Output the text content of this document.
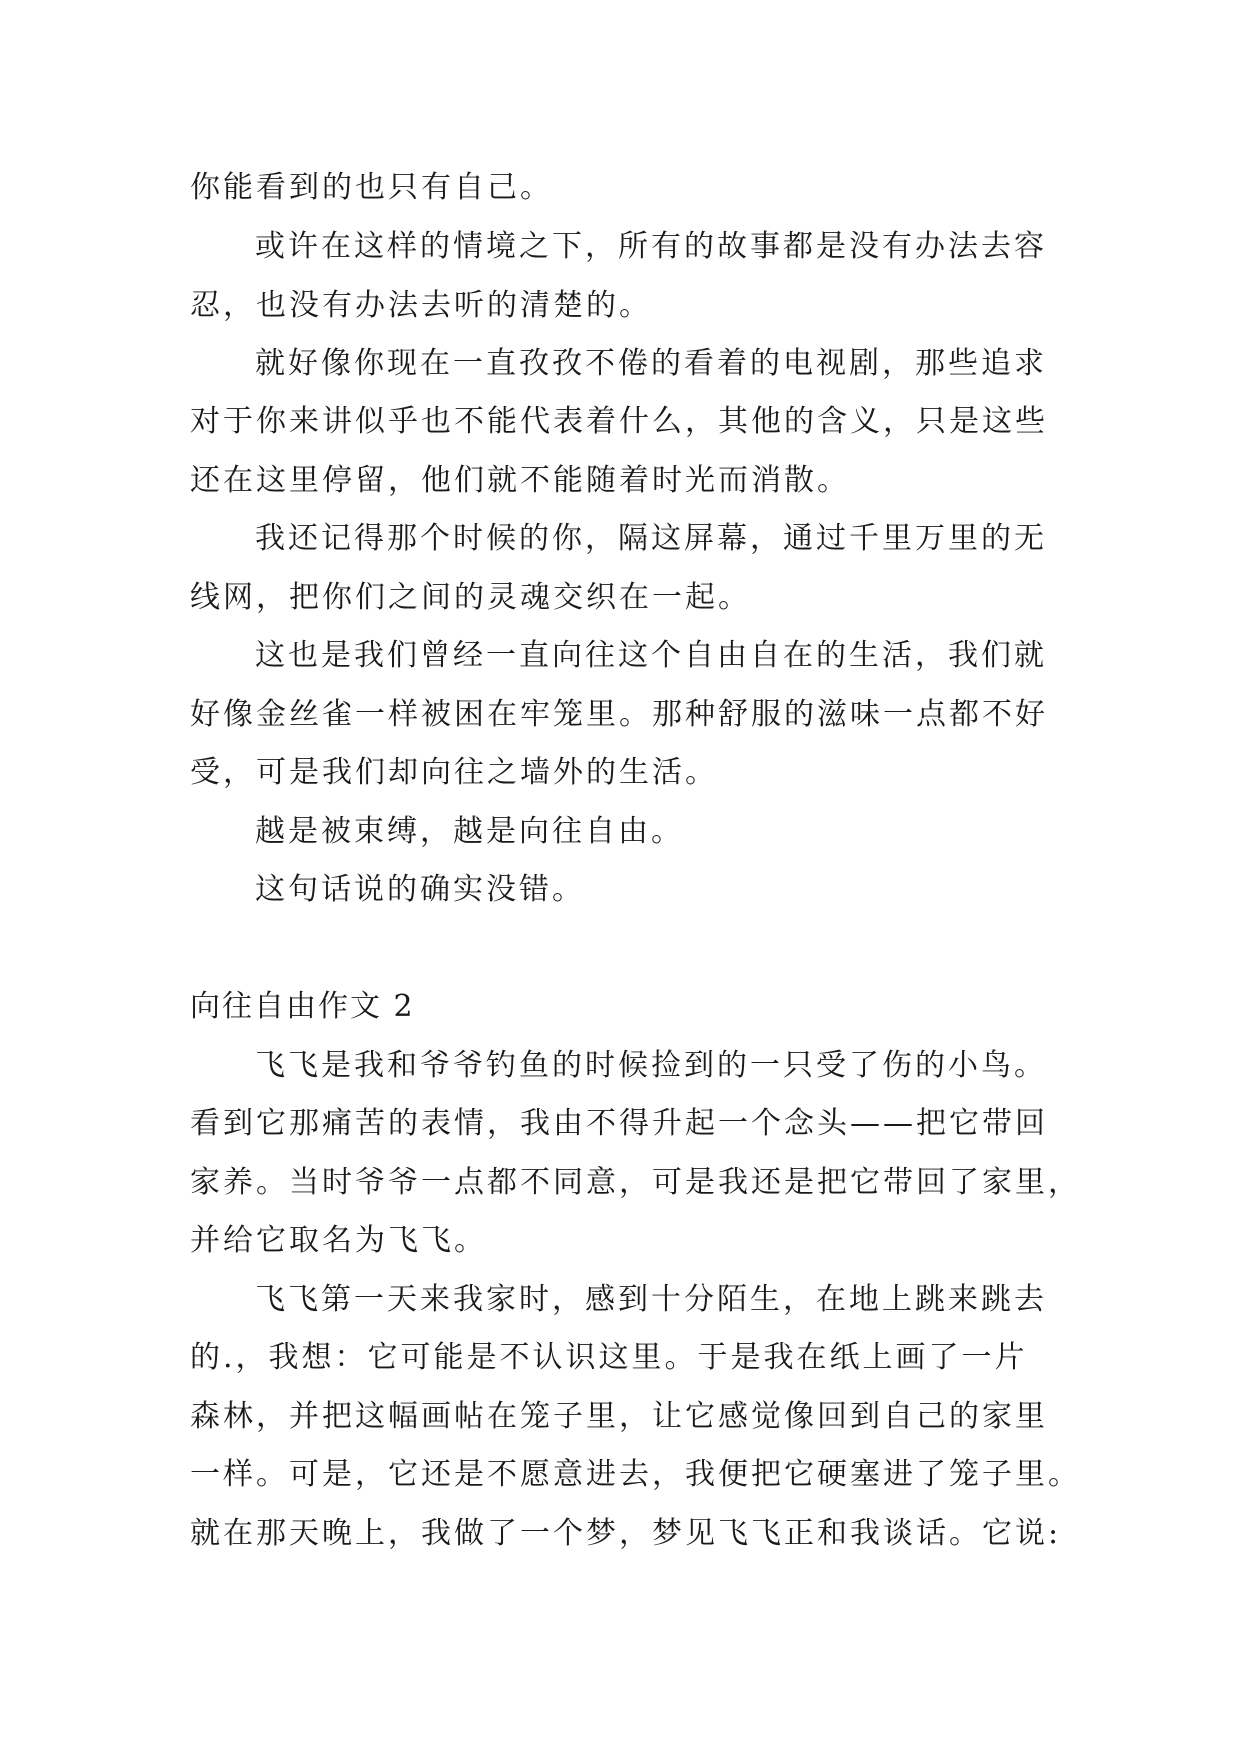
你能看到的也只有自己。
或许在这样的情境之下，所有的故事都是没有办法去容
忍，也没有办法去听的清楚的。
就好像你现在一直孜孜不倦的看着的电视剧，那些追求
对于你来讲似乎也不能代表着什么，其他的含义，只是这些
还在这里停留，他们就不能随着时光而消散。
我还记得那个时候的你，隔这屏幕，通过千里万里的无
线网，把你们之间的灵魂交织在一起。
这也是我们曾经一直向往这个自由自在的生活，我们就
好像金丝雀一样被困在牢笼里。那种舒服的滋味一点都不好
受，可是我们却向往之墙外的生活。
越是被束缚，越是向往自由。
这句话说的确实没错。
向往自由作文 2
飞飞是我和爷爷钓鱼的时候捡到的一只受了伤的小鸟。
看到它那痛苦的表情，我由不得升起一个念头——把它带回
家养。当时爷爷一点都不同意，可是我还是把它带回了家里，
并给它取名为飞飞。
飞飞第一天来我家时，感到十分陌生，在地上跳来跳去
的.，我想：它可能是不认识这里。于是我在纸上画了一片
森林，并把这幅画帖在笼子里，让它感觉像回到自己的家里
一样。可是，它还是不愿意进去，我便把它硬塞进了笼子里。
就在那天晚上，我做了一个梦，梦见飞飞正和我谈话。它说:
